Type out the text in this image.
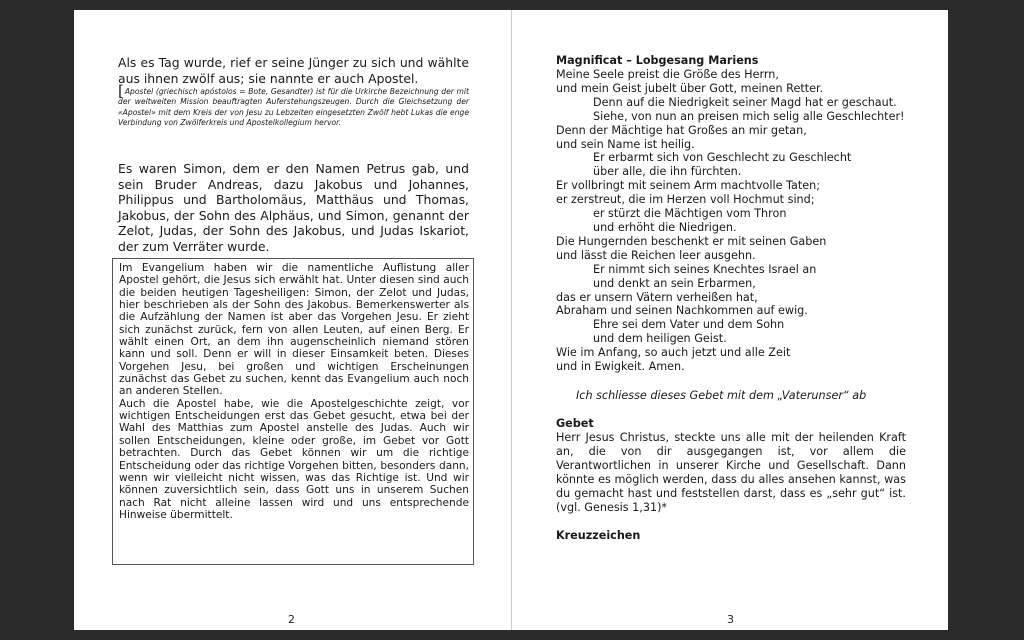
Als es Tag wurde, rief er seine Jünger zu sich und wählte aus ihnen zwölf aus; sie nannte er auch Apostel.
[Apostel (griechisch apóstolos = Bote, Gesandter) ist für die Urkirche Bezeichnung der mit der weltweiten Mission beauftragten Auferstehungszeugen. Durch die Gleichsetzung der «Apostel» mit dem Kreis der von Jesu zu Lebzeiten eingesetzten Zwölf hebt Lukas die enge Verbindung von Zwölferkreis und Apostelkollegium hervor.
Es waren Simon, dem er den Namen Petrus gab, und sein Bruder Andreas, dazu Jakobus und Johannes, Philippus und Bartholomäus, Matthäus und Thomas, Jakobus, der Sohn des Alphäus, und Simon, genannt der Zelot, Judas, der Sohn des Jakobus, und Judas Iskariot, der zum Verräter wurde.

Im Evangelium haben wir die namentliche Auflistung aller Apostel gehört, die Jesus sich erwählt hat. Unter diesen sind auch die beiden heutigen Tagesheiligen: Simon, der Zelot und Judas, hier beschrieben als der Sohn des Jakobus. Bemerkenswerter als die Aufzählung der Namen ist aber das Vorgehen Jesu. Er zieht sich zunächst zurück, fern von allen Leuten, auf einen Berg. Er wählt einen Ort, an dem ihn augenscheinlich niemand stören kann und soll. Denn er will in dieser Einsamkeit beten. Dieses Vorgehen Jesu, bei großen und wichtigen Erscheinungen zunächst das Gebet zu suchen, kennt das Evangelium auch noch an anderen Stellen.

Auch die Apostel habe, wie die Apostelgeschichte zeigt, vor wichtigen Entscheidungen erst das Gebet gesucht, etwa bei der Wahl des Matthias zum Apostel anstelle des Judas. Auch wir sollen Entscheidungen, kleine oder große, im Gebet vor Gott betrachten. Durch das Gebet können wir um die richtige Entscheidung oder das richtige Vorgehen bitten, besonders dann, wenn wir vielleicht nicht wissen, was das Richtige ist. Und wir können zuversichtlich sein, dass Gott uns in unserem Suchen nach Rat nicht alleine lassen wird und uns entsprechende Hinweise übermittelt.

2
Magnificat – Lobgesang Mariens
Meine Seele preist die Größe des Herrn,
und mein Geist jubelt über Gott, meinen Retter.
Denn auf die Niedrigkeit seiner Magd hat er geschaut.
Siehe, von nun an preisen mich selig alle Geschlechter!
Denn der Mächtige hat Großes an mir getan,
und sein Name ist heilig.
Er erbarmt sich von Geschlecht zu Geschlecht
über alle, die ihn fürchten.
Er vollbringt mit seinem Arm machtvolle Taten;
er zerstreut, die im Herzen voll Hochmut sind;
er stürzt die Mächtigen vom Thron
und erhöht die Niedrigen.
Die Hungernden beschenkt er mit seinen Gaben
und lässt die Reichen leer ausgehn.
Er nimmt sich seines Knechtes Israel an
und denkt an sein Erbarmen,
das er unsern Vätern verheißen hat,
Abraham und seinen Nachkommen auf ewig.
Ehre sei dem Vater und dem Sohn
und dem heiligen Geist.
Wie im Anfang, so auch jetzt und alle Zeit
und in Ewigkeit. Amen.
Ich schliesse dieses Gebet mit dem „Vaterunser“ ab
Gebet
Herr Jesus Christus, steckte uns alle mit der heilenden Kraft an, die von dir ausgegangen ist, vor allem die Verantwortlichen in unserer Kirche und Gesellschaft. Dann könnte es möglich werden, dass du alles ansehen kannst, was du gemacht hast und feststellen darst, dass es „sehr gut“ ist. (vgl. Genesis 1,31)*
Kreuzzeichen
3
